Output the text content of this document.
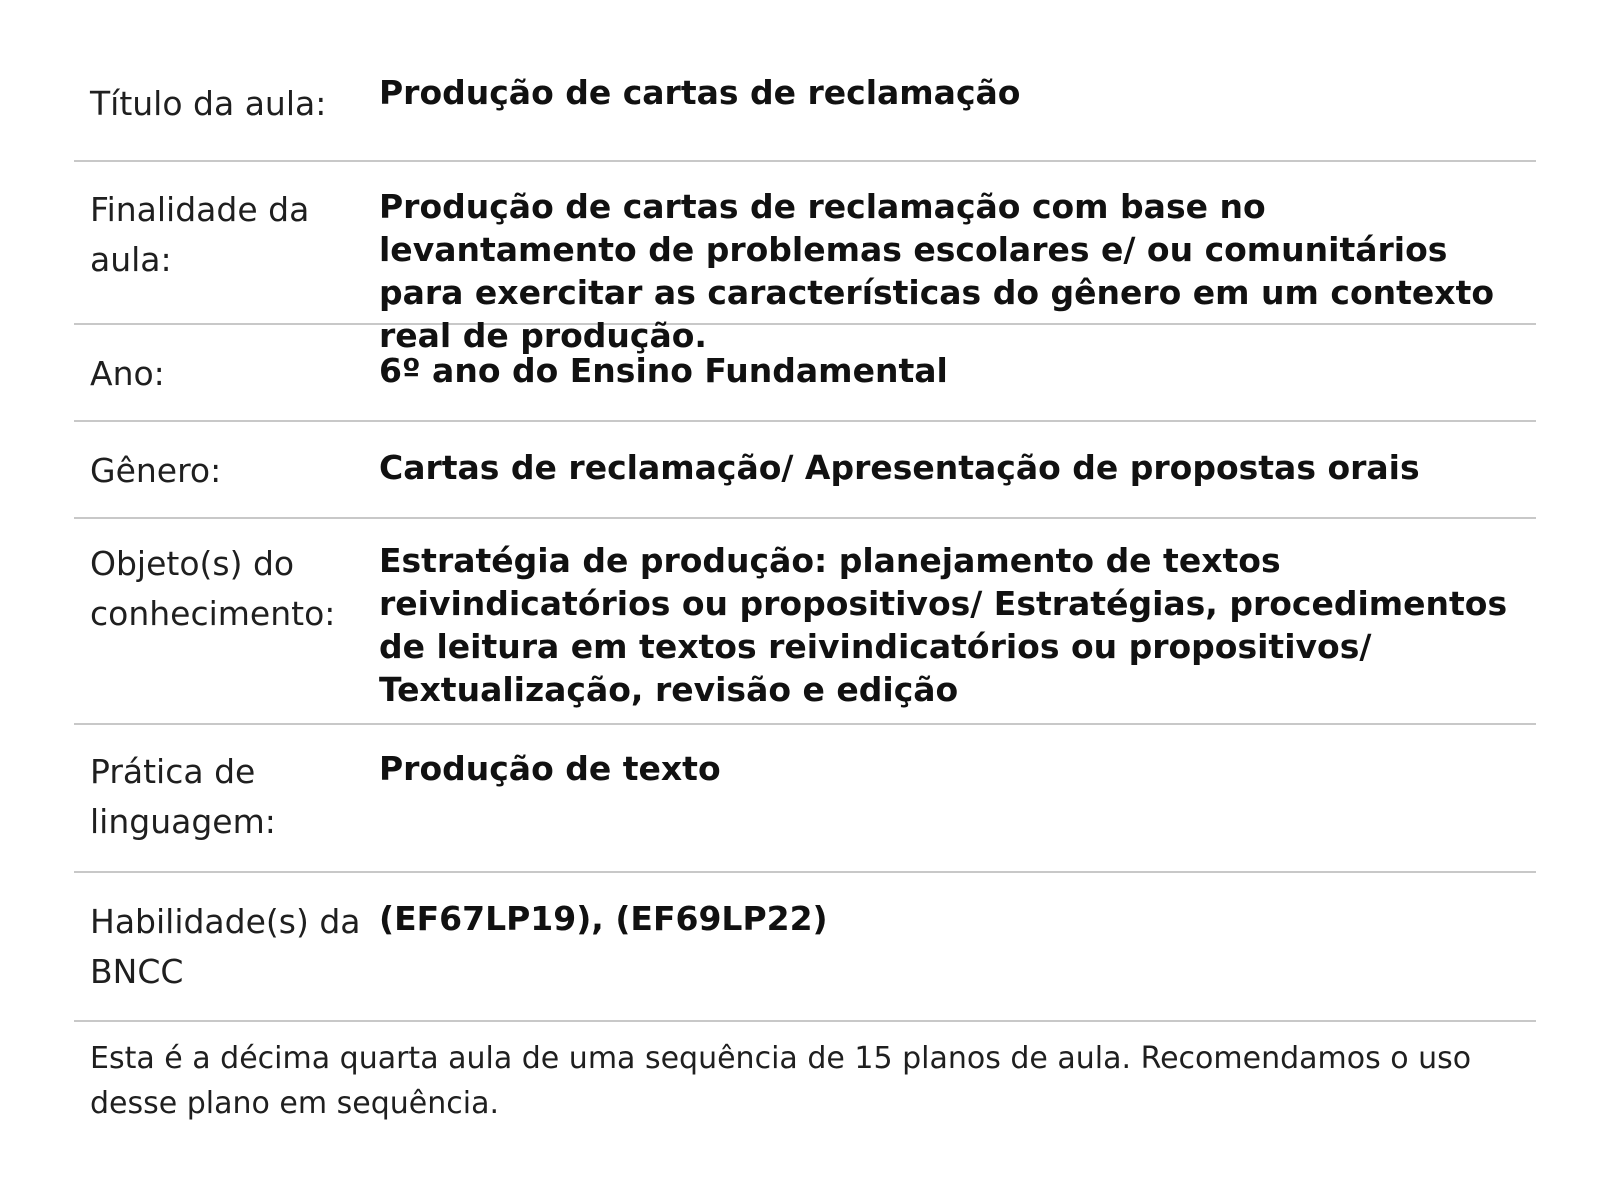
Título da aula:	Produção de cartas de reclamação
Finalidade da aula:
Produção de cartas de reclamação com base no levantamento de problemas escolares e/ ou comunitários para exercitar as características do gênero em um contexto real de produção.
Ano:	6º ano do Ensino Fundamental
Gênero:	Cartas de reclamação/ Apresentação de propostas orais
Objeto(s) do conhecimento:
Estratégia de produção: planejamento de textos reivindicatórios ou propositivos/ Estratégias, procedimentos de leitura em textos reivindicatórios ou propositivos/ Textualização, revisão e edição
Prática de linguagem:
Produção de texto
Habilidade(s) da BNCC
(EF67LP19), (EF69LP22)
Esta é a décima quarta aula de uma sequência de 15 planos de aula. Recomendamos o uso desse plano em sequência.
